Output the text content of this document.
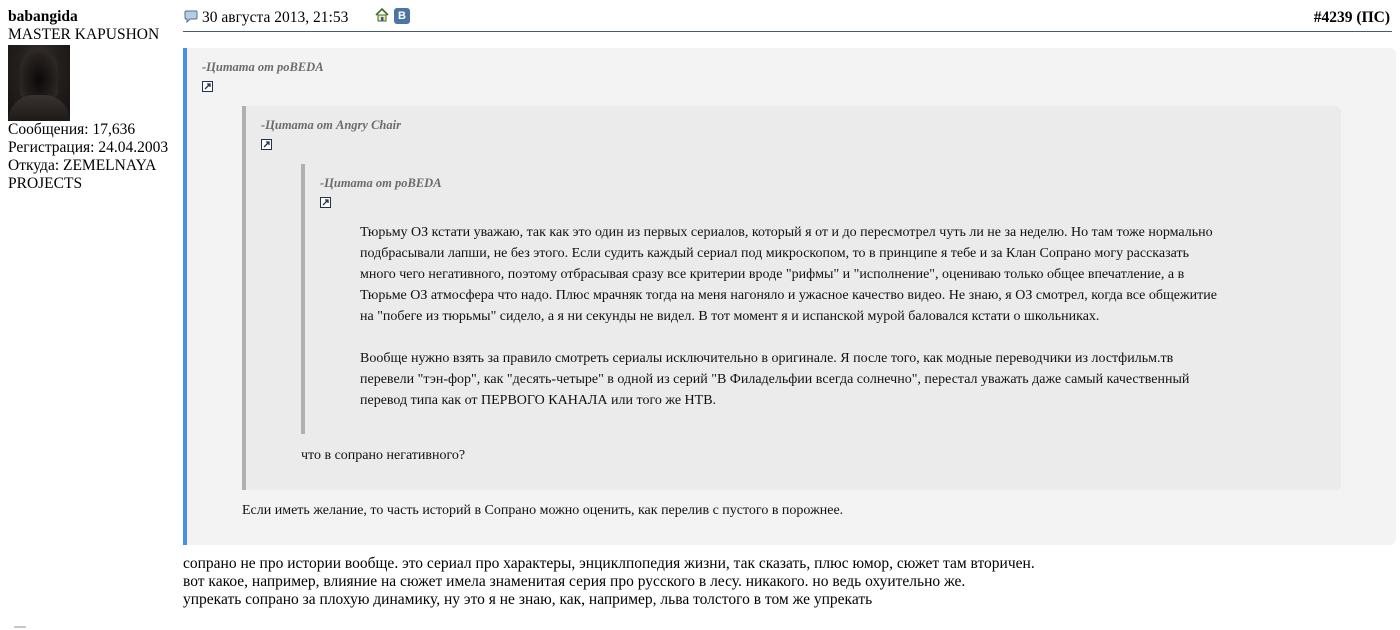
babangida
MASTER KAPUSHON
Сообщения: 17,636
Регистрация: 24.04.2003
Откуда: ZEMELNAYA PROJECTS
30 августа 2013, 21:53	В	#4239 (ПС)
-Цитата от poBEDA
-Цитата от Angry Chair
-Цитата от poBEDA
Тюрьму ОЗ кстати уважаю, так как это один из первых сериалов, который я от и до пересмотрел чуть ли не за неделю. Но там тоже нормально
подбрасывали лапши, не без этого. Если судить каждый сериал под микроскопом, то в принципе я тебе и за Клан Сопрано могу рассказать
много чего негативного, поэтому отбрасывая сразу все критерии вроде "рифмы" и "исполнение", оцениваю только общее впечатление, а в
Тюрьме ОЗ атмосфера что надо. Плюс мрачняк тогда на меня нагоняло и ужасное качество видео. Не знаю, я ОЗ смотрел, когда все общежитие
на "побеге из тюрьмы" сидело, а я ни секунды не видел. В тот момент я и испанской мурой баловался кстати о школьниках.
Вообще нужно взять за правило смотреть сериалы исключительно в оригинале. Я после того, как модные переводчики из лостфильм.тв
перевели "тэн-фор", как "десять-четыре" в одной из серий "В Филадельфии всегда солнечно", перестал уважать даже самый качественный
перевод типа как от ПЕРВОГО КАНАЛА или того же НТВ.
что в сопрано негативного?
Если иметь желание, то часть историй в Сопрано можно оценить, как перелив с пустого в порожнее.

сопрано не про истории вообще. это сериал про характеры, энциклпопедия жизни, так сказать, плюс юмор, сюжет там вторичен.

вот какое, например, влияние на сюжет имела знаменитая серия про русского в лесу. никакого. но ведь охуительно же.

упрекать сопрано за плохую динамику, ну это я не знаю, как, например, льва толстого в том же упрекать
